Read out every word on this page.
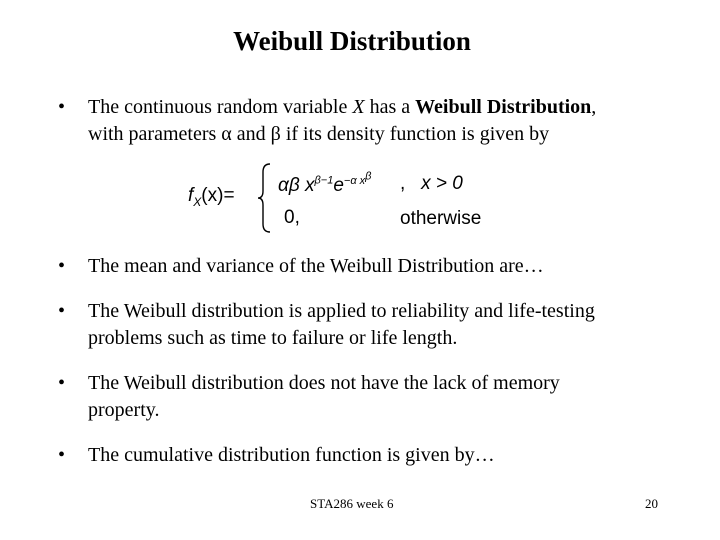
Weibull Distribution
• The continuous random variable X has a Weibull Distribution,
with parameters α and β if its density function is given by
$f_X(x)= \alpha\beta$ $x^{\beta-1}e^{-\alpha x^\beta}$ , x > 0
0,	otherwise
• The mean and variance of the Weibull Distribution are…
• The Weibull distribution is applied to reliability and life-testing
problems such as time to failure or life length.
• The Weibull distribution does not have the lack of memory
property.
• The cumulative distribution function is given by…
STA286 week 6	20
